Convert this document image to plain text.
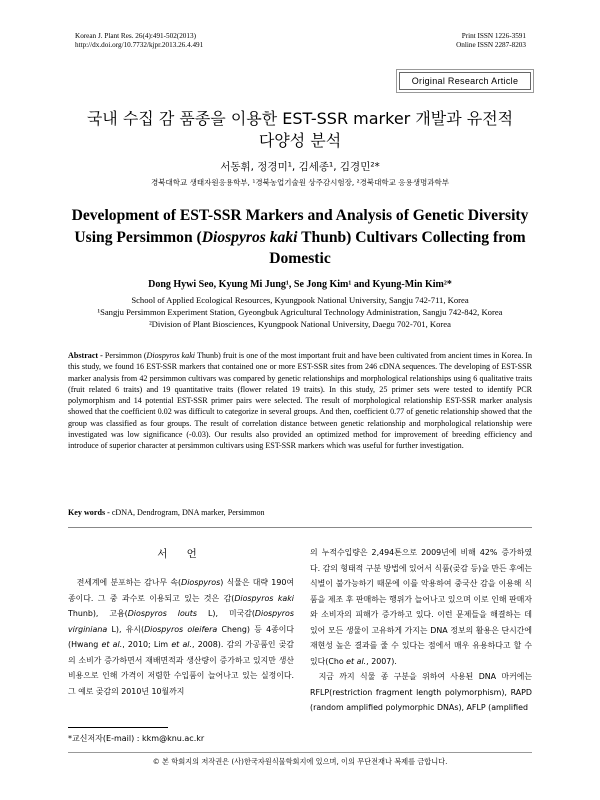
Korean J. Plant Res. 26(4):491-502(2013)
http://dx.doi.org/10.7732/kjpr.2013.26.4.491
Print ISSN 1226-3591
Online ISSN 2287-8203
Original Research Article
국내 수집 감 품종을 이용한 EST-SSR marker 개발과 유전적
다양성 분석
서동휘, 정경미¹, 김세종¹, 김경민²*
경북대학교 생태자원응용학부, ¹경북농업기술원 상주감시험장, ²경북대학교 응용생명과학부
Development of EST-SSR Markers and Analysis of Genetic Diversity Using Persimmon (Diospyros kaki Thunb) Cultivars Collecting from Domestic
Dong Hywi Seo, Kyung Mi Jung¹, Se Jong Kim¹ and Kyung-Min Kim²*
School of Applied Ecological Resources, Kyungpook National University, Sangju 742-711, Korea
¹Sangju Persimmon Experiment Station, Gyeongbuk Agricultural Technology Administration, Sangju 742-842, Korea
²Division of Plant Biosciences, Kyungpook National University, Daegu 702-701, Korea
Abstract - Persimmon (Diospyros kaki Thunb) fruit is one of the most important fruit and have been cultivated from ancient times in Korea. In this study, we found 16 EST-SSR markers that contained one or more EST-SSR sites from 246 cDNA sequences. The developing of EST-SSR marker analysis from 42 persimmon cultivars was compared by genetic relationships and morphological relationships using 6 qualitative traits (fruit related 6 traits) and 19 quantitative traits (flower related 19 traits). In this study, 25 primer sets were tested to identify PCR polymorphism and 14 potential EST-SSR primer pairs were selected. The result of morphological relationship EST-SSR marker analysis showed that the coefficient 0.02 was difficult to categorize in several groups. And then, coefficient 0.77 of genetic relationship showed that the group was classified as four groups. The result of correlation distance between genetic relationship and morphological relationship were investigated was low significance (-0.03). Our results also provided an optimized method for improvement of breeding efficiency and introduce of superior character at persimmon cultivars using EST-SSR markers which was useful for further investigation.
Key words - cDNA, Dendrogram, DNA marker, Persimmon
서 언

전세계에 분포하는 감나무 속(Diospyros) 식물은 대략 190여종이다. 그 중 과수로 이용되고 있는 것은 감(Diospyros kaki Thunb), 고욤(Diospyros louts L), 미국감(Diospyros virginiana L), 유시(Diospyros oleifera Cheng) 등 4종이다(Hwang et al., 2010; Lim et al., 2008). 감의 가공품인 곶감의 소비가 증가하면서 재배면적과 생산량이 증가하고 있지만 생산비용으로 인해 가격이 저렴한 수입품이 늘어나고 있는 실정이다. 그 예로 곶감의 2010년 10월까지

의 누적수입량은 2,494톤으로 2009년에 비해 42% 증가하였다. 감의 형태적 구분 방법에 있어서 식품(곶감 등)을 만든 후에는 식별이 불가능하기 때문에 이를 악용하여 중국산 감을 이용해 식품을 제조 후 판매하는 행위가 늘어나고 있으며 이로 인해 판매자와 소비자의 피해가 증가하고 있다. 이런 문제들을 해결하는 데 있어 모든 생물이 고유하게 가지는 DNA 정보의 활용은 단시간에 재현성 높은 결과를 줄 수 있다는 점에서 매우 유용하다고 할 수 있다(Cho et al., 2007).

지금 까지 식물 종 구분을 위하여 사용된 DNA 마커에는 RFLP(restriction fragment length polymorphism), RAPD (random amplified polymorphic DNAs), AFLP (amplified

*교신저자(E-mail) : kkm@knu.ac.kr
© 본 학회지의 저작권은 (사)한국자원식물학회지에 있으며, 이의 무단전재나 복제를 금합니다.
